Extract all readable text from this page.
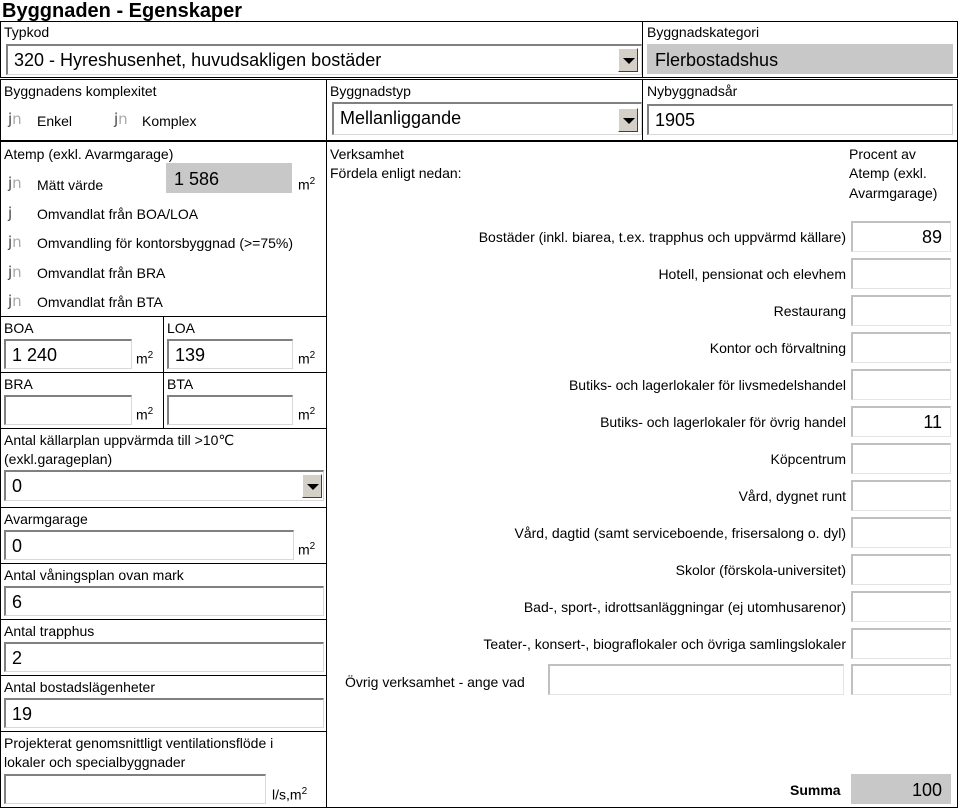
Byggnaden - Egenskaper
Typkod
320 - Hyreshusenhet, huvudsakligen bostäder
Byggnadskategori
Flerbostadshus
Byggnadens komplexitet
jn Enkel	jn Komplex
Byggnadstyp
Mellanliggande
Nybyggnadsår
1905
Atemp (exkl. Avarmgarage)
jn Mätt värde	1 586	$m^2$
j Omvandlat från BOA/LOA
jn Omvandling för kontorsbyggnad (>=75%)
jn Omvandlat från BRA
jn Omvandlat från BTA
BOA
1 240	$m^2$
LOA
139	$m^2$
BRA
$m^2$
BTA
$m^2$
Antal källarplan uppvärmda till >10℃
(exkl.garageplan)
0
Avarmgarage
0	$m^2$
Antal våningsplan ovan mark
6
Antal trapphus
2
Antal bostadslägenheter
19
Projekterat genomsnittligt ventilationsflöde i
lokaler och specialbyggnader
$l/s,m^2$
Verksamhet
Fördela enligt nedan:
Procent av
Atemp (exkl.
Avarmgarage)
Bostäder (inkl. biarea, t.ex. trapphus och uppvärmd källare)	89
Hotell, pensionat och elevhem
Restaurang
Kontor och förvaltning
Butiks- och lagerlokaler för livsmedelshandel
Butiks- och lagerlokaler för övrig handel	11
Köpcentrum
Vård, dygnet runt
Vård, dagtid (samt serviceboende, frisersalong o. dyl)
Skolor (förskola-universitet)
Bad-, sport-, idrottsanläggningar (ej utomhusarenor)
Teater-, konsert-, biograflokaler och övriga samlingslokaler
Övrig verksamhet - ange vad
Summa	100
